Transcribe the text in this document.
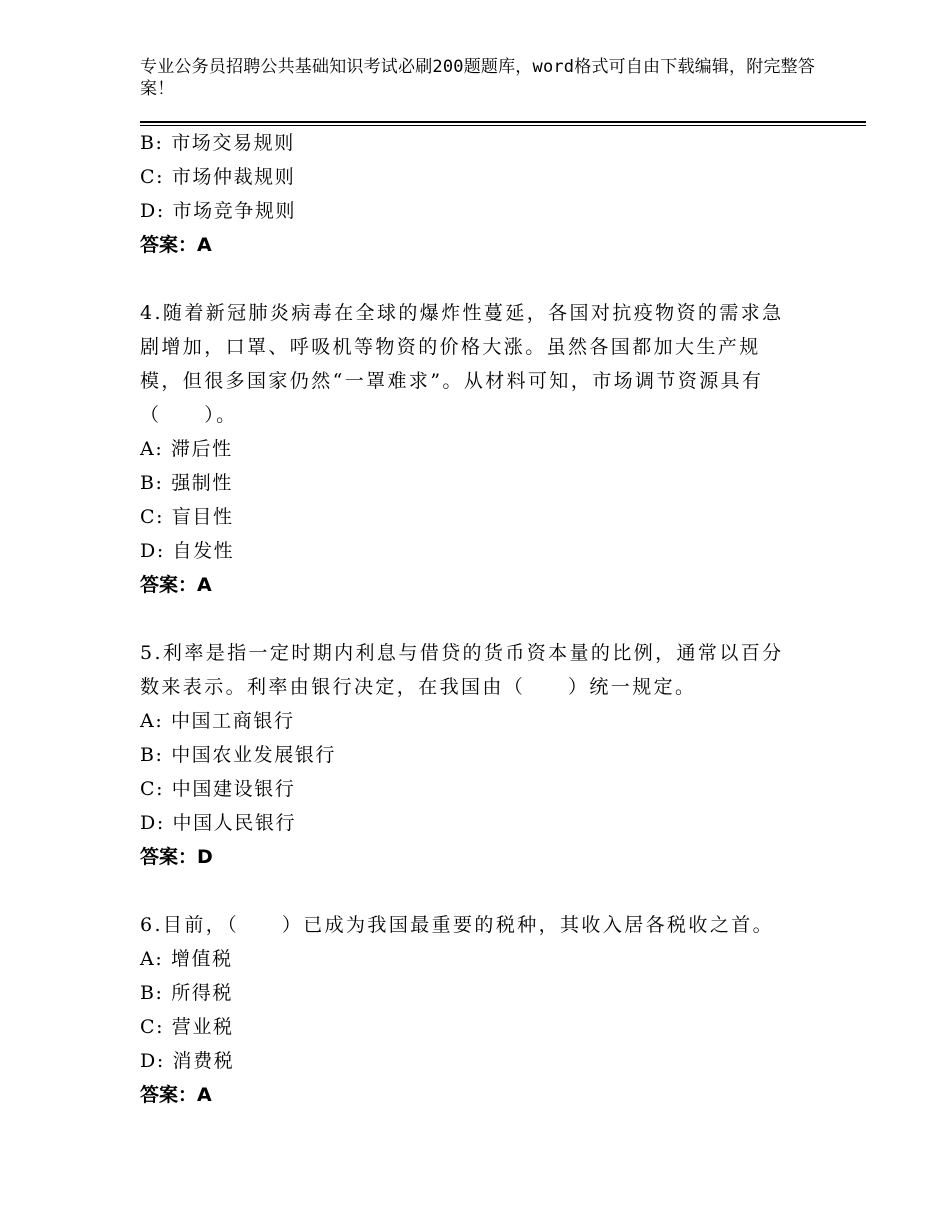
专业公务员招聘公共基础知识考试必刷200题题库，word格式可自由下载编辑，附完整答案！
B: 市场交易规则
C: 市场仲裁规则
D: 市场竞争规则
答案：A
4.随着新冠肺炎病毒在全球的爆炸性蔓延，各国对抗疫物资的需求急
剧增加，口罩、呼吸机等物资的价格大涨。虽然各国都加大生产规
模，但很多国家仍然“一罩难求”。从材料可知，市场调节资源具有
（　　）。
A: 滞后性
B: 强制性
C: 盲目性
D: 自发性
答案：A
5.利率是指一定时期内利息与借贷的货币资本量的比例，通常以百分
数来表示。利率由银行决定，在我国由（　　）统一规定。
A: 中国工商银行
B: 中国农业发展银行
C: 中国建设银行
D: 中国人民银行
答案：D
6.目前，（　　）已成为我国最重要的税种，其收入居各税收之首。
A: 增值税
B: 所得税
C: 营业税
D: 消费税
答案：A
